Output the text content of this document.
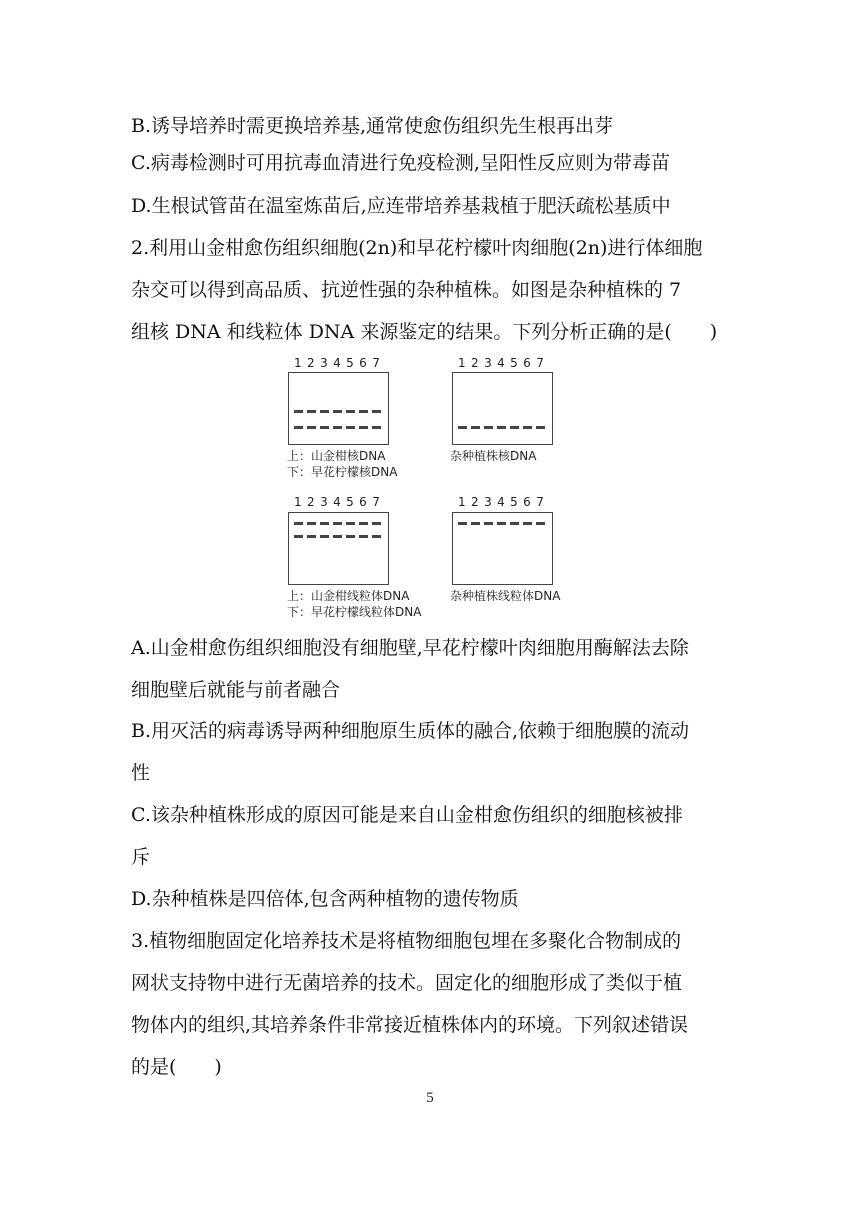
B.诱导培养时需更换培养基,通常使愈伤组织先生根再出芽
C.病毒检测时可用抗毒血清进行免疫检测,呈阳性反应则为带毒苗
D.生根试管苗在温室炼苗后,应连带培养基栽植于肥沃疏松基质中
2.利用山金柑愈伤组织细胞(2n)和早花柠檬叶肉细胞(2n)进行体细胞
杂交可以得到高品质、抗逆性强的杂种植株。如图是杂种植株的 7
组核 DNA 和线粒体 DNA 来源鉴定的结果。下列分析正确的是(　　)
1234567
上：山金柑核DNA
下：早花柠檬核DNA
1234567
杂种植株核DNA
1234567
上：山金柑线粒体DNA
下：早花柠檬线粒体DNA
1234567
杂种植株线粒体DNA
A.山金柑愈伤组织细胞没有细胞壁,早花柠檬叶肉细胞用酶解法去除
细胞壁后就能与前者融合
B.用灭活的病毒诱导两种细胞原生质体的融合,依赖于细胞膜的流动
性
C.该杂种植株形成的原因可能是来自山金柑愈伤组织的细胞核被排
斥
D.杂种植株是四倍体,包含两种植物的遗传物质
3.植物细胞固定化培养技术是将植物细胞包埋在多聚化合物制成的
网状支持物中进行无菌培养的技术。固定化的细胞形成了类似于植
物体内的组织,其培养条件非常接近植株体内的环境。下列叙述错误
的是(　　)
5
